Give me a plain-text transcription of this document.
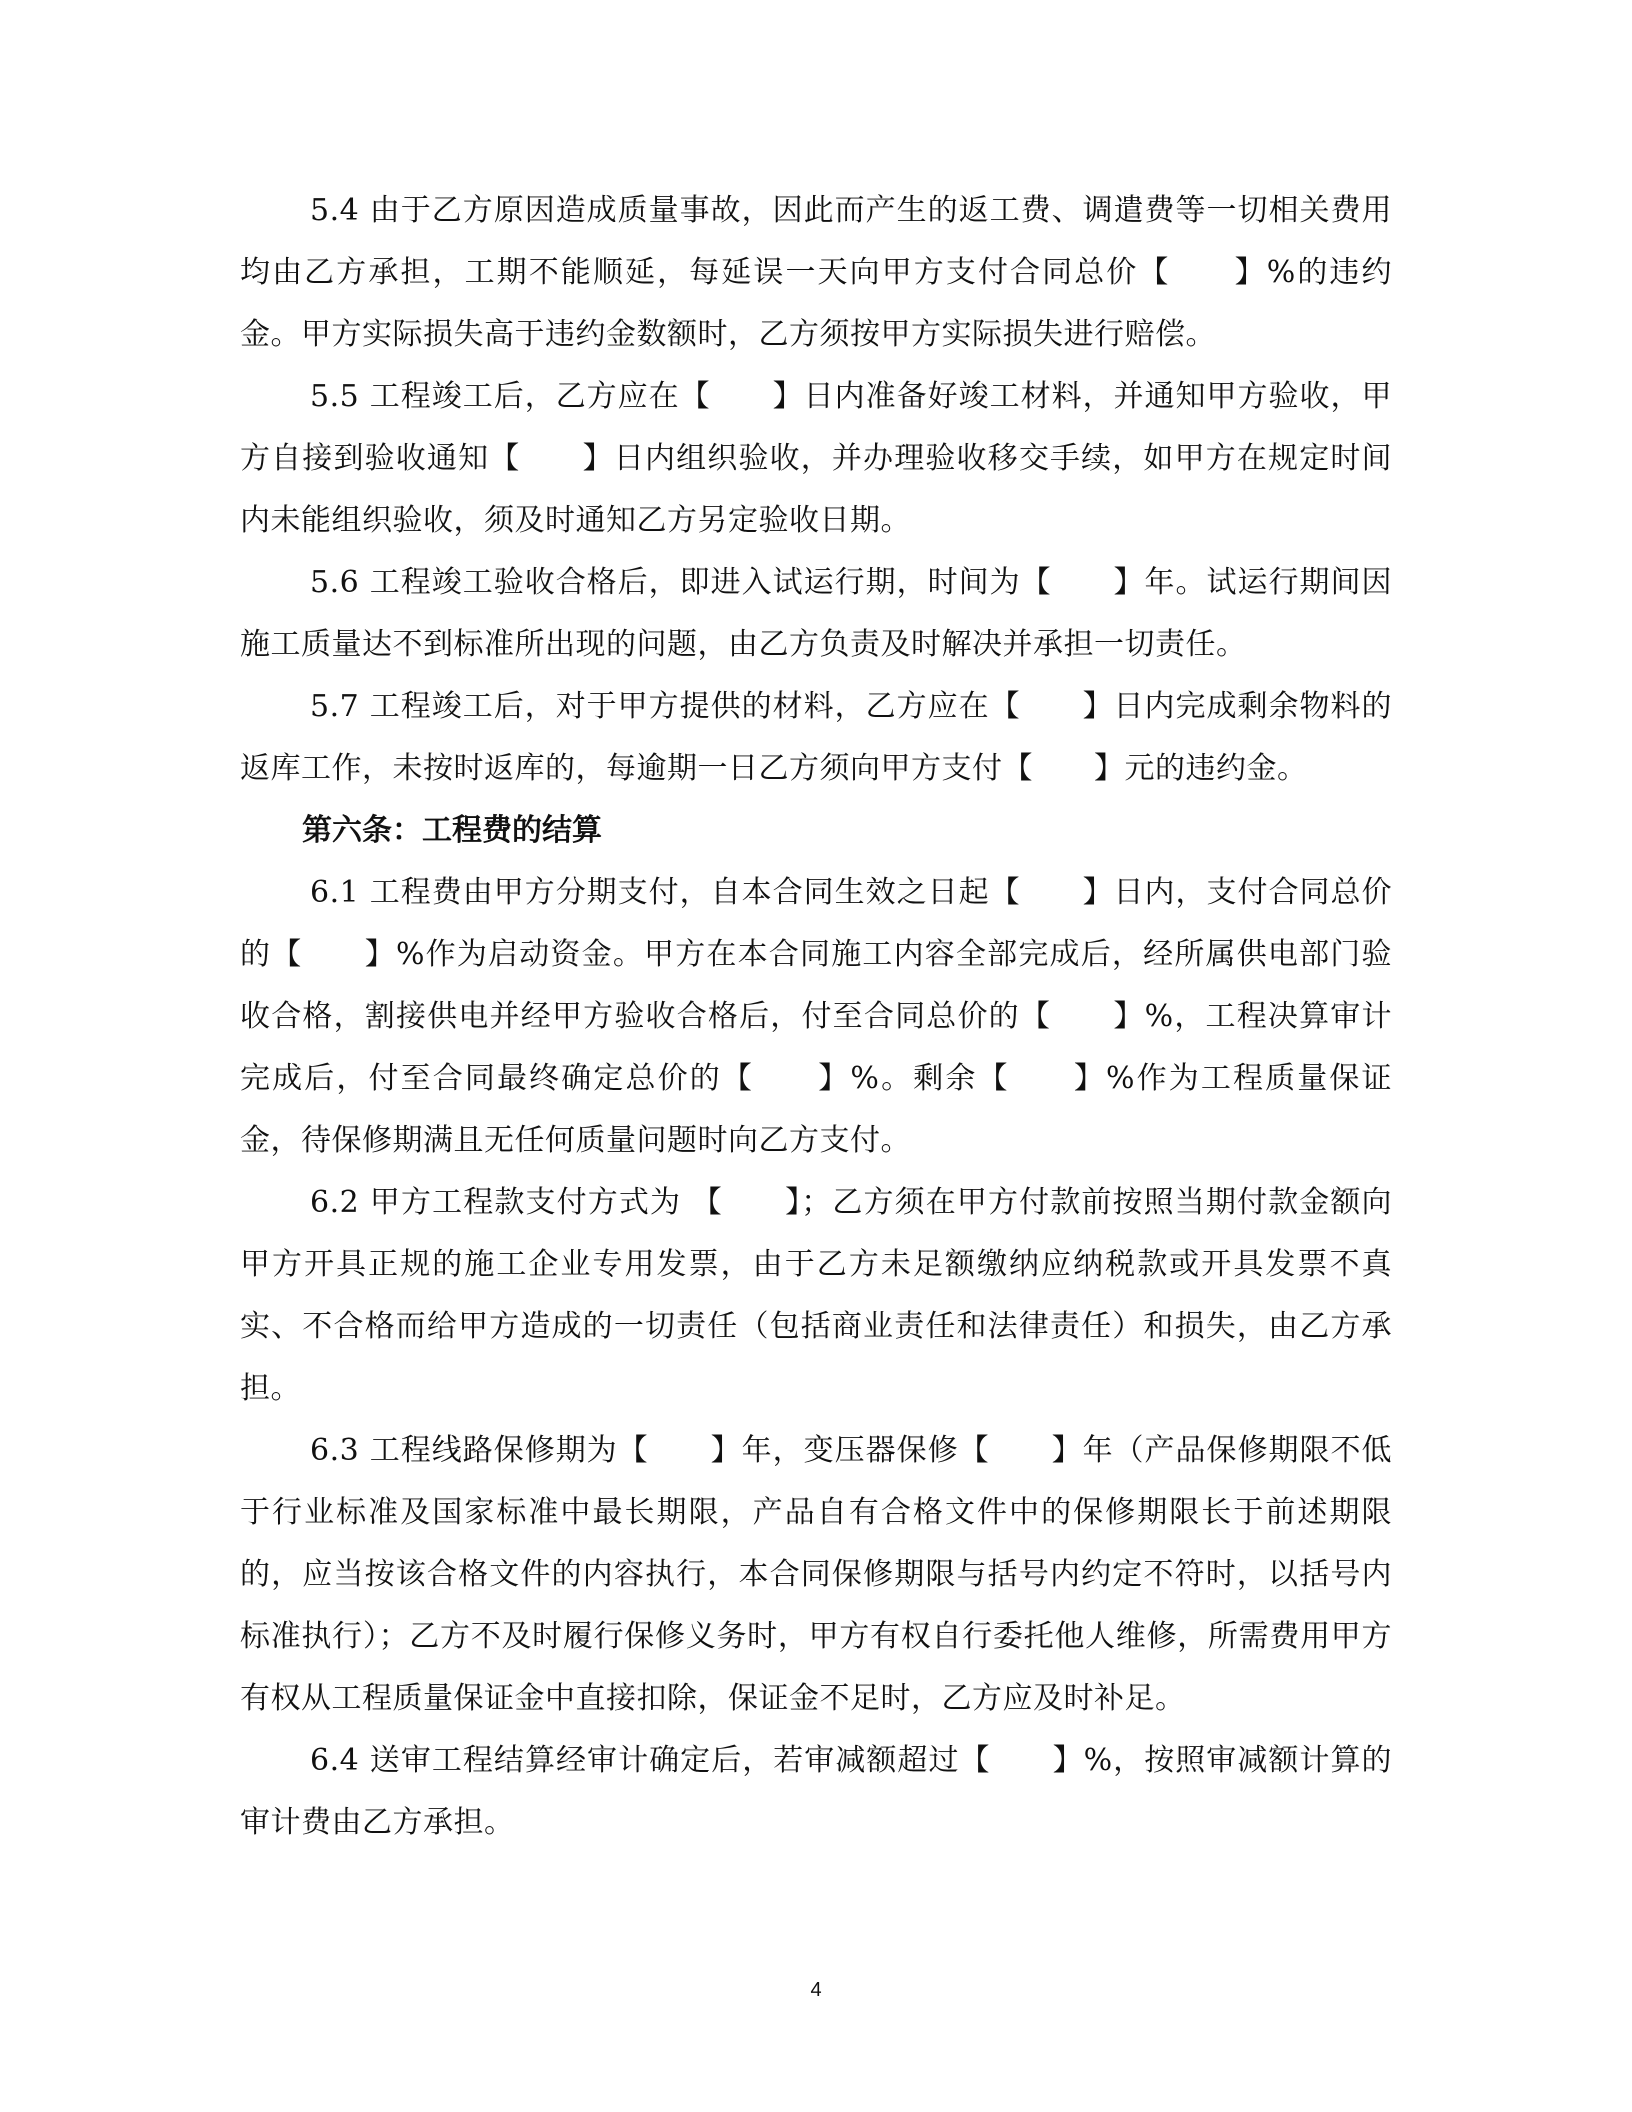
5.4 由于乙方原因造成质量事故，因此而产生的返工费、调遣费等一切相关费用均由乙方承担，工期不能顺延，每延误一天向甲方支付合同总价【　　】%的违约金。甲方实际损失高于违约金数额时，乙方须按甲方实际损失进行赔偿。

5.5 工程竣工后，乙方应在【　　】日内准备好竣工材料，并通知甲方验收，甲方自接到验收通知【　　】日内组织验收，并办理验收移交手续，如甲方在规定时间内未能组织验收，须及时通知乙方另定验收日期。

5.6 工程竣工验收合格后，即进入试运行期，时间为【　　】年。试运行期间因施工质量达不到标准所出现的问题，由乙方负责及时解决并承担一切责任。

5.7 工程竣工后，对于甲方提供的材料，乙方应在【　　】日内完成剩余物料的返库工作，未按时返库的，每逾期一日乙方须向甲方支付【　　】元的违约金。

第六条：工程费的结算

6.1 工程费由甲方分期支付，自本合同生效之日起【　　】日内，支付合同总价的【　　】%作为启动资金。甲方在本合同施工内容全部完成后，经所属供电部门验收合格，割接供电并经甲方验收合格后，付至合同总价的【　　】%，工程决算审计完成后，付至合同最终确定总价的【　　】%。剩余【　　】%作为工程质量保证金，待保修期满且无任何质量问题时向乙方支付。

6.2 甲方工程款支付方式为 【　　】；乙方须在甲方付款前按照当期付款金额向甲方开具正规的施工企业专用发票，由于乙方未足额缴纳应纳税款或开具发票不真实、不合格而给甲方造成的一切责任（包括商业责任和法律责任）和损失，由乙方承担。

6.3 工程线路保修期为【　　】年，变压器保修【　　】年（产品保修期限不低于行业标准及国家标准中最长期限，产品自有合格文件中的保修期限长于前述期限的，应当按该合格文件的内容执行，本合同保修期限与括号内约定不符时，以括号内标准执行）；乙方不及时履行保修义务时，甲方有权自行委托他人维修，所需费用甲方有权从工程质量保证金中直接扣除，保证金不足时，乙方应及时补足。

6.4 送审工程结算经审计确定后，若审减额超过【　　】%，按照审减额计算的审计费由乙方承担。

4
